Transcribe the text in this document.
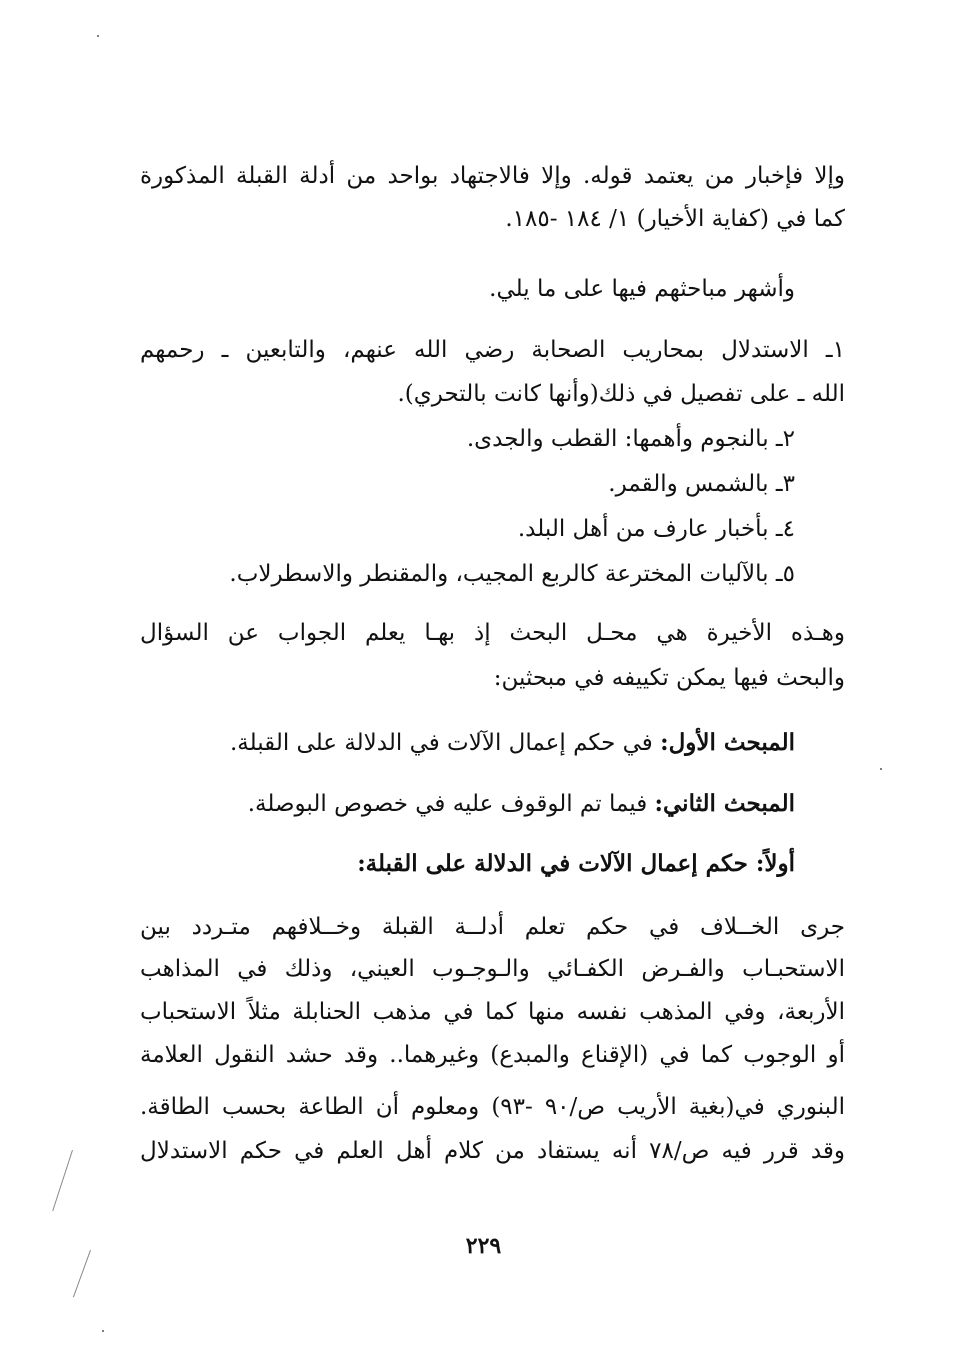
وإلا فإخبار من يعتمد قوله. وإلا فالاجتهاد بواحد من أدلة القبلة المذكورة
كما في (كفاية الأخيار) ١/ ١٨٤ -١٨٥.
وأشهر مباحثهم فيها على ما يلي.
١ـ الاستدلال بمحاريب الصحابة رضي الله عنهم، والتابعين ـ رحمهم
الله ـ على تفصيل في ذلك(وأنها كانت بالتحري).
٢ـ بالنجوم وأهمها: القطب والجدى.
٣ـ بالشمس والقمر.
٤ـ بأخبار عارف من أهل البلد.
٥ـ بالآليات المخترعة كالربع المجيب، والمقنطر والاسطرلاب.
وهـذه الأخيرة هي محـل البحث إذ بهـا يعلم الجواب عن السؤال
والبحث فيها يمكن تكييفه في مبحثين:
المبحث الأول: في حكم إعمال الآلات في الدلالة على القبلة.
المبحث الثاني: فيما تم الوقوف عليه في خصوص البوصلة.
أولاً: حكم إعمال الآلات في الدلالة على القبلة:
جرى الخــلاف في حكم تعلم أدلــة القبلة وخــلافهم متـردد بين
الاستحبـاب والفـرض الكفـائي والـوجـوب العيني، وذلك في المذاهب
الأربعة، وفي المذهب نفسه منها كما في مذهب الحنابلة مثلاً الاستحباب
أو الوجوب كما في (الإقناع والمبدع) وغيرهما.. وقد حشد النقول العلامة
البنوري في(بغية الأريب ص/٩٠ -٩٣) ومعلوم أن الطاعة بحسب الطاقة.
وقد قرر فيه ص/٧٨ أنه يستفاد من كلام أهل العلم في حكم الاستدلال
٢٢٩
